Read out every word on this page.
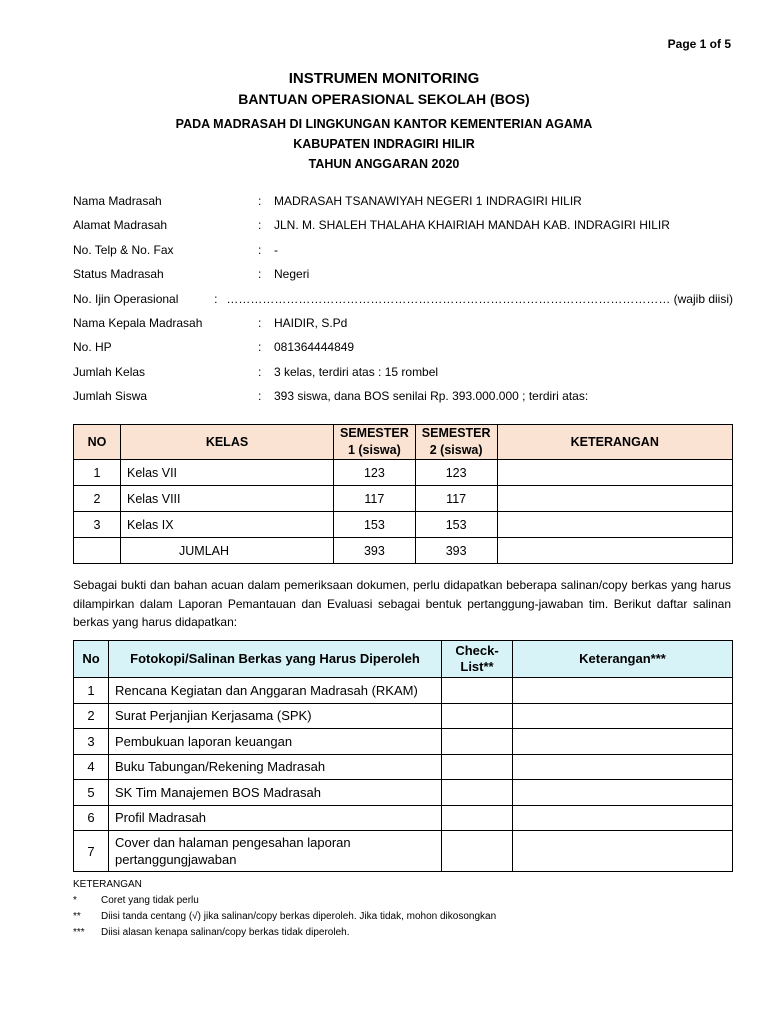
Page 1 of 5
INSTRUMEN MONITORING
BANTUAN OPERASIONAL SEKOLAH (BOS)
PADA MADRASAH DI LINGKUNGAN KANTOR KEMENTERIAN AGAMA
KABUPATEN INDRAGIRI HILIR
TAHUN ANGGARAN 2020
Nama Madrasah	:	MADRASAH TSANAWIYAH NEGERI 1 INDRAGIRI HILIR
Alamat Madrasah	:	JLN. M. SHALEH THALAHA KHAIRIAH MANDAH KAB. INDRAGIRI HILIR
No. Telp & No. Fax	:	-
Status Madrasah	:	Negeri
No. Ijin Operasional	: ………………………………………………………………………………………………… (wajib diisi)
Nama Kepala Madrasah	:	HAIDIR, S.Pd
No. HP	:	081364444849
Jumlah Kelas	:	3 kelas, terdiri atas : 15 rombel
Jumlah Siswa	:	393 siswa, dana BOS senilai Rp. 393.000.000 ; terdiri atas:
NO	KELAS	SEMESTER 1 (siswa)	SEMESTER 2 (siswa)	KETERANGAN
1	Kelas VII	123	123	
2	Kelas VIII	117	117	
3	Kelas IX	153	153	
	JUMLAH	393	393	
Sebagai bukti dan bahan acuan dalam pemeriksaan dokumen, perlu didapatkan beberapa salinan/copy berkas yang harus dilampirkan dalam Laporan Pemantauan dan Evaluasi sebagai bentuk pertanggung-jawaban tim. Berikut daftar salinan berkas yang harus didapatkan:
No	Fotokopi/Salinan Berkas yang Harus Diperoleh	Check-List**	Keterangan***
1	Rencana Kegiatan dan Anggaran Madrasah (RKAM)		
2	Surat Perjanjian Kerjasama (SPK)		
3	Pembukuan laporan keuangan		
4	Buku Tabungan/Rekening Madrasah		
5	SK Tim Manajemen BOS Madrasah		
6	Profil Madrasah		
7	Cover dan halaman pengesahan laporan pertanggungjawaban		
KETERANGAN
*	Coret yang tidak perlu
**	Diisi tanda centang (√) jika salinan/copy berkas diperoleh. Jika tidak, mohon dikosongkan
***	Diisi alasan kenapa salinan/copy berkas tidak diperoleh.
